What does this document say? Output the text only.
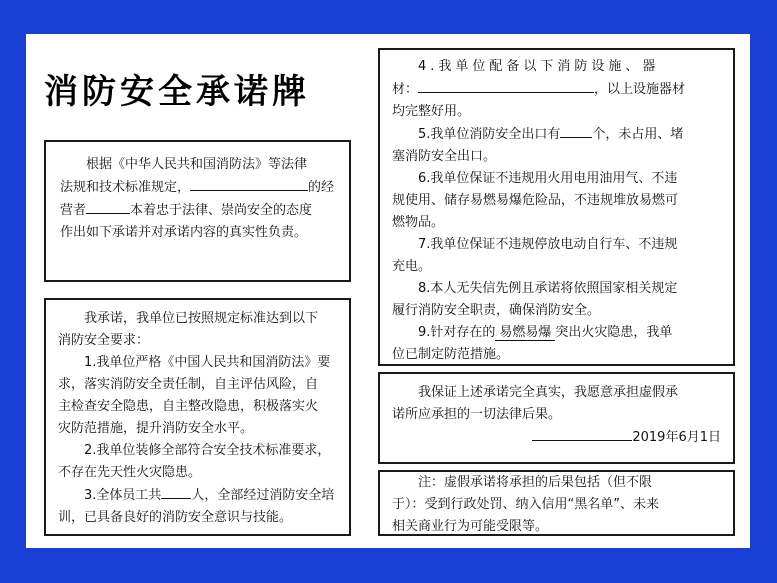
消防安全承诺牌

根据《中华人民共和国消防法》等法律

法规和技术标准规定，	的经

营者	本着忠于法律、崇尚安全的态度

作出如下承诺并对承诺内容的真实性负责。

我承诺，我单位已按照规定标准达到以下

消防安全要求：

1.我单位严格《中国人民共和国消防法》要

求，落实消防安全责任制，自主评估风险，自

主检查安全隐患，自主整改隐患，积极落实火

灾防范措施，提升消防安全水平。

2.我单位装修全部符合安全技术标准要求，

不存在先天性火灾隐患。

3.全体员工共 人，全部经过消防安全培

训，已具备良好的消防安全意识与技能。

4.我单位配备以下消防设施、器

材：	，以上设施器材

均完整好用。

5.我单位消防安全出口有 个，未占用、堵

塞消防安全出口。

6.我单位保证不违规用火用电用油用气、不违

规使用、储存易燃易爆危险品，不违规堆放易燃可

燃物品。

7.我单位保证不违规停放电动自行车、不违规

充电。

8.本人无失信先例且承诺将依照国家相关规定

履行消防安全职责，确保消防安全。

9.针对存在的 易燃易爆 突出火灾隐患，我单

位已制定防范措施。

我保证上述承诺完全真实，我愿意承担虚假承

诺所应承担的一切法律后果。

2019年6月1日

注：虚假承诺将承担的后果包括（但不限

于）：受到行政处罚、纳入信用“黑名单”、未来

相关商业行为可能受限等。
